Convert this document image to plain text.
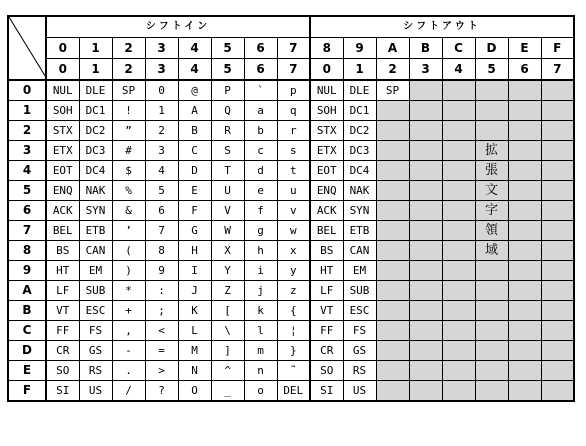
	シフトイン								シフトアウト							
	0	1	2	3	4	5	6	7	8	9	A	B	C	D	E	F
	0	1	2	3	4	5	6	7	0	1	2	3	4	5	6	7
0	NUL	DLE	SP	0	@	P	`	p	NUL	DLE	SP					
1	SOH	DC1	!	1	A	Q	a	q	SOH	DC1						
2	STX	DC2	”	2	B	R	b	r	STX	DC2						
3	ETX	DC3	#	3	C	S	c	s	ETX	DC3				拡		
4	EOT	DC4	$	4	D	T	d	t	EOT	DC4				張		
5	ENQ	NAK	%	5	E	U	e	u	ENQ	NAK				文		
6	ACK	SYN	&	6	F	V	f	v	ACK	SYN				字		
7	BEL	ETB	’	7	G	W	g	w	BEL	ETB				領		
8	BS	CAN	(	8	H	X	h	x	BS	CAN				域		
9	HT	EM	)	9	I	Y	i	y	HT	EM						
A	LF	SUB	*	:	J	Z	j	z	LF	SUB						
B	VT	ESC	+	;	K	[	k	{	VT	ESC						
C	FF	FS	,	<	L	\	l	¦	FF	FS						
D	CR	GS	-	=	M	]	m	}	CR	GS						
E	SO	RS	.	>	N	^	n	˜	SO	RS						
F	SI	US	/	?	O	_	o	DEL	SI	US						
